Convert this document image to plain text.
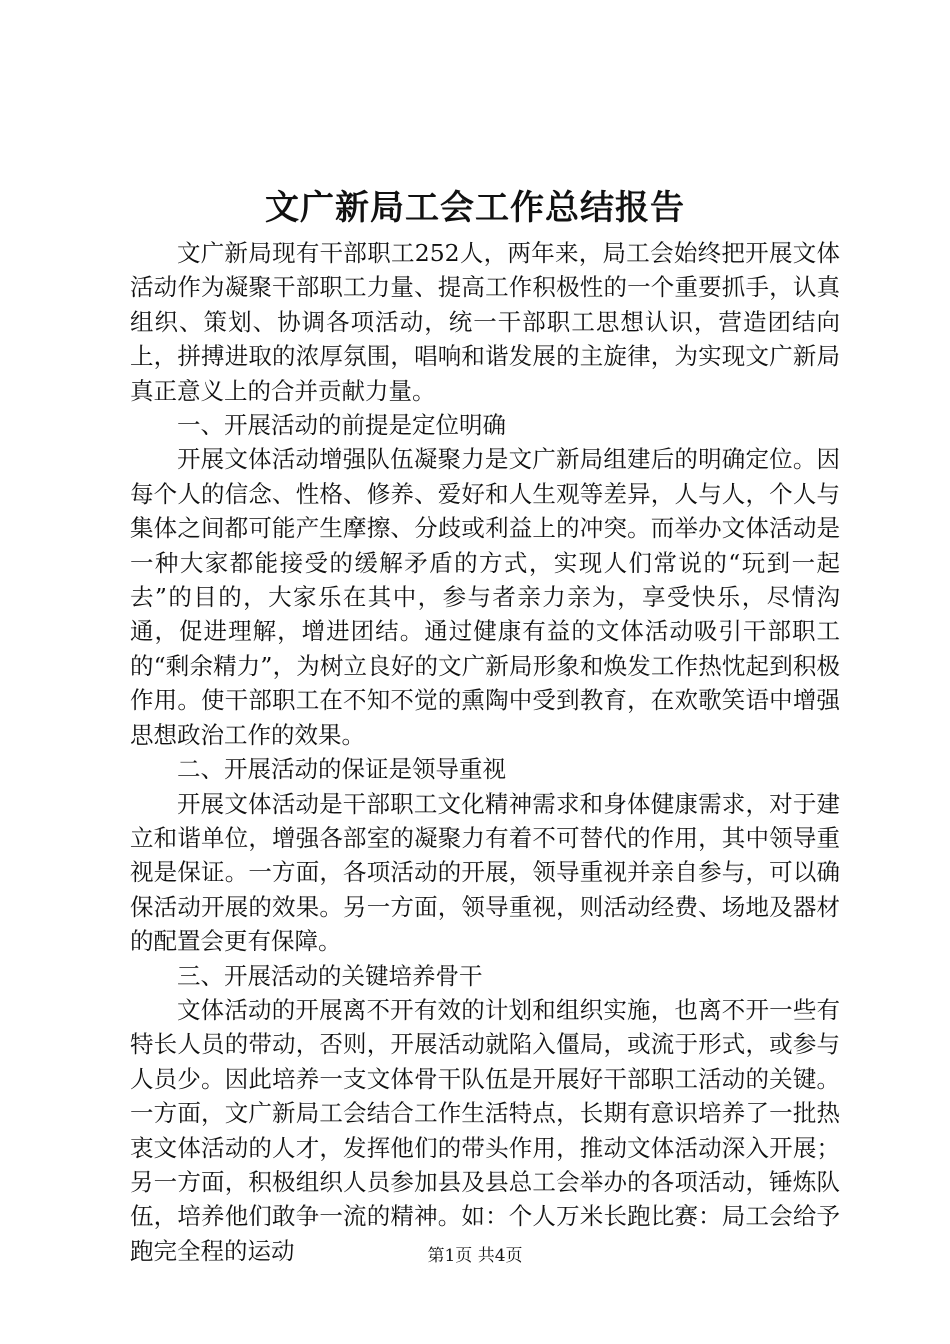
文广新局工会工作总结报告

文广新局现有干部职工252人，两年来，局工会始终把开展文体活动作为凝聚干部职工力量、提高工作积极性的一个重要抓手，认真组织、策划、协调各项活动，统一干部职工思想认识，营造团结向上，拼搏进取的浓厚氛围，唱响和谐发展的主旋律，为实现文广新局真正意义上的合并贡献力量。

一、开展活动的前提是定位明确

开展文体活动增强队伍凝聚力是文广新局组建后的明确定位。因每个人的信念、性格、修养、爱好和人生观等差异，人与人，个人与集体之间都可能产生摩擦、分歧或利益上的冲突。而举办文体活动是一种大家都能接受的缓解矛盾的方式，实现人们常说的“玩到一起去”的目的，大家乐在其中，参与者亲力亲为，享受快乐，尽情沟通，促进理解，增进团结。通过健康有益的文体活动吸引干部职工的“剩余精力”，为树立良好的文广新局形象和焕发工作热忱起到积极作用。使干部职工在不知不觉的熏陶中受到教育，在欢歌笑语中增强思想政治工作的效果。

二、开展活动的保证是领导重视

开展文体活动是干部职工文化精神需求和身体健康需求，对于建立和谐单位，增强各部室的凝聚力有着不可替代的作用，其中领导重视是保证。一方面，各项活动的开展，领导重视并亲自参与，可以确保活动开展的效果。另一方面，领导重视，则活动经费、场地及器材的配置会更有保障。

三、开展活动的关键培养骨干

文体活动的开展离不开有效的计划和组织实施，也离不开一些有特长人员的带动，否则，开展活动就陷入僵局，或流于形式，或参与人员少。因此培养一支文体骨干队伍是开展好干部职工活动的关键。一方面，文广新局工会结合工作生活特点，长期有意识培养了一批热衷文体活动的人才，发挥他们的带头作用，推动文体活动深入开展；另一方面，积极组织人员参加县及县总工会举办的各项活动，锤炼队伍，培养他们敢争一流的精神。如：个人万米长跑比赛：局工会给予跑完全程的运动	第1页 共4页
